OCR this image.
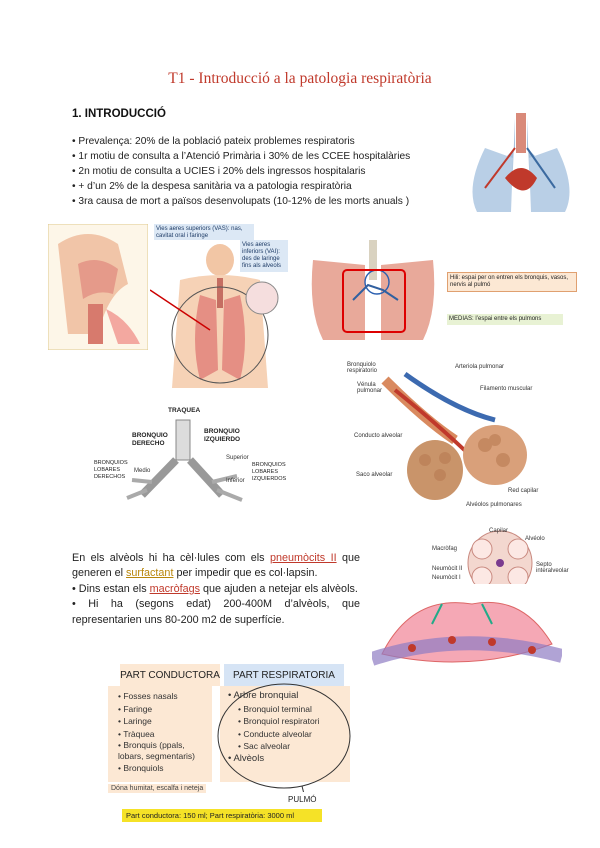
T1 - Introducció a la patologia respiratòria
1. INTRODUCCIÓ
• Prevalença: 20% de la població pateix problemes respiratoris
• 1r motiu de consulta a l’Atenció Primària i 30% de les CCEE hospitalàries
• 2n motiu de consulta a UCIES i 20% dels ingressos hospitalaris
• + d’un 2% de la despesa sanitària va a patologia respiratòria
• 3ra causa de mort a països desenvolupats (10-12% de les morts anuals )
Vies aeres superiors (VAS): nas, cavitat oral i faringe
Vies aeres inferiors (VAI): des de laringe fins als alveols
Hili: espai per on entren els bronquis, vasos, nervis al pulmó
MEDIAS: l’espai entre els pulmons
TRAQUEA
BRONQUIO DERECHO
BRONQUIO IZQUIERDO
BRONQUIOS LOBARES DERECHOS
BRONQUIOS LOBARES IZQUIERDOS
Superior
Medio
Inferior
Bronquiolo respiratorio
Vénula pulmonar
Arteriola pulmonar
Filamento muscular
Conducto alveolar
Saco alveolar
Red capilar
Alvéolos pulmonares
En els alvèols hi ha cèl·lules com els pneumòcits II que generen el surfactant per impedir que es col·lapsin.
• Dins estan els macròfags que ajuden a netejar els alvèols.
• Hi ha (segons edat) 200-400M d’alvèols, que representarien uns 80-200 m2 de superfície.
Capilar
Alvéolo
Macròfag
Neumòcit II
Neumòcit I
Septo interalveolar
PART CONDUCTORA	PART RESPIRATORIA
• Fosses nasals
• Faringe
• Laringe
• Tràquea
• Bronquis (ppals, lobars, segmentaris)
• Bronquiols
• Arbre bronquial
• Bronquiol terminal
• Bronquiol respiratori
• Conducte alveolar
• Sac alveolar
• Alvèols
Dóna humitat, escalfa i neteja
PULMÓ
Part conductora: 150 ml; Part respiratòria: 3000 ml
